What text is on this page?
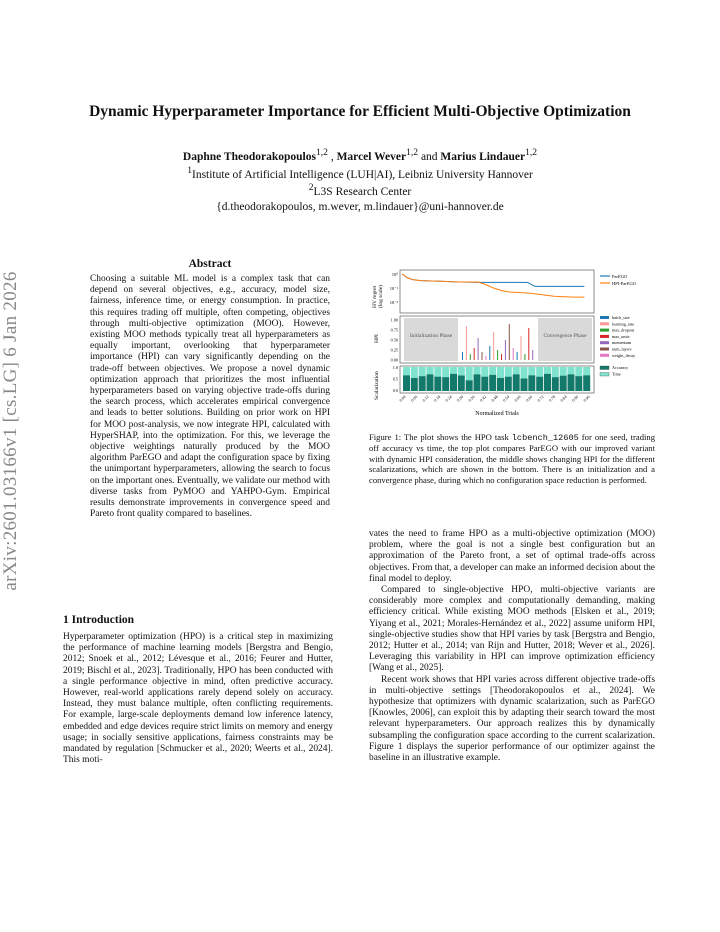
arXiv:2601.03166v1 [cs.LG] 6 Jan 2026
Dynamic Hyperparameter Importance for Efficient Multi-Objective Optimization
Daphne Theodorakopoulos$^{1,2}$ , Marcel Wever$^{1,2}$ and Marius Lindauer$^{1,2}$
$^1$Institute of Artificial Intelligence (LUH|AI), Leibniz University Hannover
$^2$L3S Research Center
{d.theodorakopoulos, m.wever, m.lindauer}@uni-hannover.de
Abstract
Choosing a suitable ML model is a complex task that can depend on several objectives, e.g., accuracy, model size, fairness, inference time, or energy consumption. In practice, this requires trading off multiple, often competing, objectives through multi-objective optimization (MOO). However, existing MOO methods typically treat all hyperparameters as equally important, overlooking that hyperparameter importance (HPI) can vary significantly depending on the trade-off between objectives. We propose a novel dynamic optimization approach that prioritizes the most influential hyperparameters based on varying objective trade-offs during the search process, which accelerates empirical convergence and leads to better solutions. Building on prior work on HPI for MOO post-analysis, we now integrate HPI, calculated with HyperSHAP, into the optimization. For this, we leverage the objective weightings naturally produced by the MOO algorithm ParEGO and adapt the configuration space by fixing the unimportant hyperparameters, allowing the search to focus on the important ones. Eventually, we validate our method with diverse tasks from PyMOO and YAHPO-Gym. Empirical results demonstrate improvements in convergence speed and Pareto front quality compared to baselines.
1 Introduction
Hyperparameter optimization (HPO) is a critical step in maximizing the performance of machine learning models [Bergstra and Bengio, 2012; Snoek et al., 2012; Lévesque et al., 2016; Feurer and Hutter, 2019; Bischl et al., 2023]. Traditionally, HPO has been conducted with a single performance objective in mind, often predictive accuracy. However, real-world applications rarely depend solely on accuracy. Instead, they must balance multiple, often conflicting requirements. For example, large-scale deployments demand low inference latency, embedded and edge devices require strict limits on memory and energy usage; in socially sensitive applications, fairness constraints may be mandated by regulation [Schmucker et al., 2020; Weerts et al., 2024]. This moti-
HV regret(log scale)
10⁰
10⁻¹
10⁻²
ParEGO
HPI-ParEGO
Initialization Phase	Convergence Phase
HPI
1.00
0.75
0.50
0.25
0.00
batch_size
learning_rate
max_dropout
max_units
momentum
num_layers
weight_decay
Scalarization
1.0
0.5
0.0
0.00 0.06 0.12 0.18 0.24 0.30 0.36 0.42 0.48 0.54 0.60 0.66 0.72 0.78 0.84 0.90 0.96
Normalized Trials
Accuracy
Time
Figure 1: The plot shows the HPO task lcbench_12605 for one seed, trading off accuracy vs time, the top plot compares ParEGO with our improved variant with dynamic HPI consideration, the middle shows changing HPI for the different scalarizations, which are shown in the bottom. There is an initialization and a convergence phase, during which no configuration space reduction is performed.

vates the need to frame HPO as a multi-objective optimization (MOO) problem, where the goal is not a single best configuration but an approximation of the Pareto front, a set of optimal trade-offs across objectives. From that, a developer can make an informed decision about the final model to deploy.

Compared to single-objective HPO, multi-objective variants are considerably more complex and computationally demanding, making efficiency critical. While existing MOO methods [Elsken et al., 2019; Yiyang et al., 2021; Morales-Hernández et al., 2022] assume uniform HPI, single-objective studies show that HPI varies by task [Bergstra and Bengio, 2012; Hutter et al., 2014; van Rijn and Hutter, 2018; Wever et al., 2026]. Leveraging this variability in HPI can improve optimization efficiency [Wang et al., 2025].

Recent work shows that HPI varies across different objective trade-offs in multi-objective settings [Theodorakopoulos et al., 2024]. We hypothesize that optimizers with dynamic scalarization, such as ParEGO [Knowles, 2006], can exploit this by adapting their search toward the most relevant hyperparameters. Our approach realizes this by dynamically subsampling the configuration space according to the current scalarization. Figure 1 displays the superior performance of our optimizer against the baseline in an illustrative example.
